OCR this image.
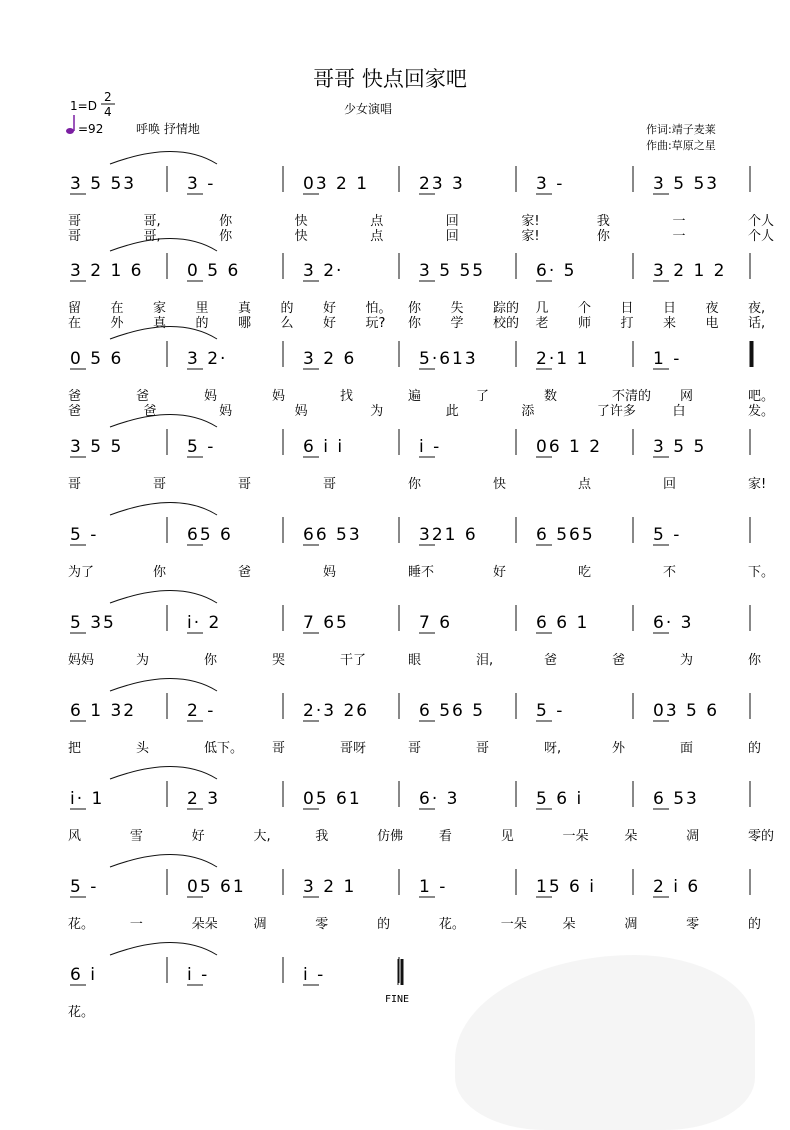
哥哥 快点回家吧
少女演唱
1=D
2
4
=92	呼唤 抒情地	作词:靖子麦莱
作曲:草原之星
3 5 53	3 -	03 2 1	23 3	3 -	3 5 53
哥	哥,	你	快	点	回	家!	我	一	个人
哥	哥,	你	快	点	回	家!	你	一	个人
3 2 1 6	0 5 6	3 2·	3 5 55	6· 5	3 2 1 2
留 在 家 里 真 的 好 怕。 你 失 踪的 几 个 日 日 夜 夜,
在 外 真 的 哪 么 好 玩? 你 学 校的 老 师 打 来 电 话,
0 5 6	3 2·	3 2 6	5·613	2·1 1	1 -
爸	爸	妈	妈	找	遍	了	数	不清的 网	吧。
爸	爸	妈	妈	为	此	添	了许多	白	发。
3 5 5	5 -	6 i i	i -	06 1 2	3 5 5
哥	哥	哥	哥	你	快	点	回	家!
5 -	65 6	66 53	321 6	6 565	5 -
为了	你	爸	妈	睡不	好	吃	不	下。
5 35	i· 2	7 65	7 6	6 6 1	6· 3
妈妈	为	你	哭	干了	眼	泪,	爸	爸	为	你
6 1 32	2 -	2·3 26	6 56 5	5 -	03 5 6
把	头	低下。 哥	哥呀	哥	哥	呀,	外	面	的
i· 1	2 3	05 61	6· 3	5 6 i	6 53
风	雪	好	大,	我	仿佛	看	见	一朵	朵	凋	零的
5 -	05 61	3 2 1	1 -	15 6 i	2 i 6
花。	一	朵朵	凋	零	的	花。	一朵	朵	凋	零	的
6 i	i -	i -
花。
FINE
